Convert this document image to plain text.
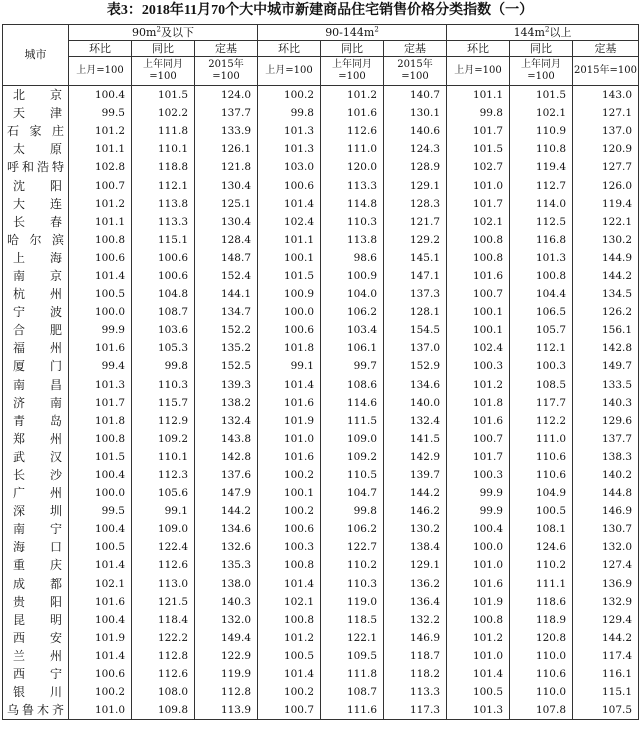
表3：2018年11月70个大中城市新建商品住宅销售价格分类指数（一）
城市	$90m^2$及以下			$90-144m^2$			$144m^2$以上		
	环比	同比	定基	环比	同比	定基	环比	同比	定基
	上月=100	上年同月=100	2015年=100	上月=100	上年同月=100	2015年=100	上月=100	上年同月=100	2015年=100
北京	100.4	101.5	124.0	100.2	101.2	140.7	101.1	101.5	143.0
天津	99.5	102.2	137.7	99.8	101.6	130.1	99.8	102.1	127.1
石家庄	101.2	111.8	133.9	101.3	112.6	140.6	101.7	110.9	137.0
太原	101.1	110.1	126.1	101.3	111.0	124.3	101.5	110.8	120.9
呼和浩特	102.8	118.8	121.8	103.0	120.0	128.9	102.7	119.4	127.7
沈阳	100.7	112.1	130.4	100.6	113.3	129.1	101.0	112.7	126.0
大连	101.2	113.8	125.1	101.4	114.8	128.3	101.7	114.0	119.4
长春	101.1	113.3	130.4	102.4	110.3	121.7	102.1	112.5	122.1
哈尔滨	100.8	115.1	128.4	101.1	113.8	129.2	100.8	116.8	130.2
上海	100.6	100.6	148.7	100.1	98.6	145.1	100.8	101.3	144.9
南京	101.4	100.6	152.4	101.5	100.9	147.1	101.6	100.8	144.2
杭州	100.5	104.8	144.1	100.9	104.0	137.3	100.7	104.4	134.5
宁波	100.0	108.7	134.7	100.0	106.2	128.1	100.1	106.5	126.2
合肥	99.9	103.6	152.2	100.6	103.4	154.5	100.1	105.7	156.1
福州	101.6	105.3	135.2	101.8	106.1	137.0	102.4	112.1	142.8
厦门	99.4	99.8	152.5	99.1	99.7	152.9	100.3	100.3	149.7
南昌	101.3	110.3	139.3	101.4	108.6	134.6	101.2	108.5	133.5
济南	101.7	115.7	138.2	101.6	114.6	140.0	101.8	117.7	140.3
青岛	101.8	112.9	132.4	101.9	111.5	132.4	101.6	112.2	129.6
郑州	100.8	109.2	143.8	101.0	109.0	141.5	100.7	111.0	137.7
武汉	101.5	110.1	142.8	101.6	109.2	142.9	101.7	110.6	138.3
长沙	100.4	112.3	137.6	100.2	110.5	139.7	100.3	110.6	140.2
广州	100.0	105.6	147.9	100.1	104.7	144.2	99.9	104.9	144.8
深圳	99.5	99.1	144.2	100.2	99.8	146.2	99.9	100.5	146.9
南宁	100.4	109.0	134.6	100.6	106.2	130.2	100.4	108.1	130.7
海口	100.5	122.4	132.6	100.3	122.7	138.4	100.0	124.6	132.0
重庆	101.4	112.6	135.3	100.8	110.2	129.1	101.0	110.2	127.4
成都	102.1	113.0	138.0	101.4	110.3	136.2	101.6	111.1	136.9
贵阳	101.6	121.5	140.3	102.1	119.0	136.4	101.9	118.6	132.9
昆明	100.4	118.4	132.0	100.8	118.5	132.2	100.8	118.9	129.4
西安	101.9	122.2	149.4	101.2	122.1	146.9	101.2	120.8	144.2
兰州	101.4	112.8	122.9	100.5	109.5	118.7	101.0	110.0	117.4
西宁	100.6	112.6	119.9	101.4	111.8	118.2	101.4	110.6	116.1
银川	100.2	108.0	112.8	100.2	108.7	113.3	100.5	110.0	115.1
乌鲁木齐	101.0	109.8	113.9	100.7	111.6	117.3	101.3	107.8	107.5
